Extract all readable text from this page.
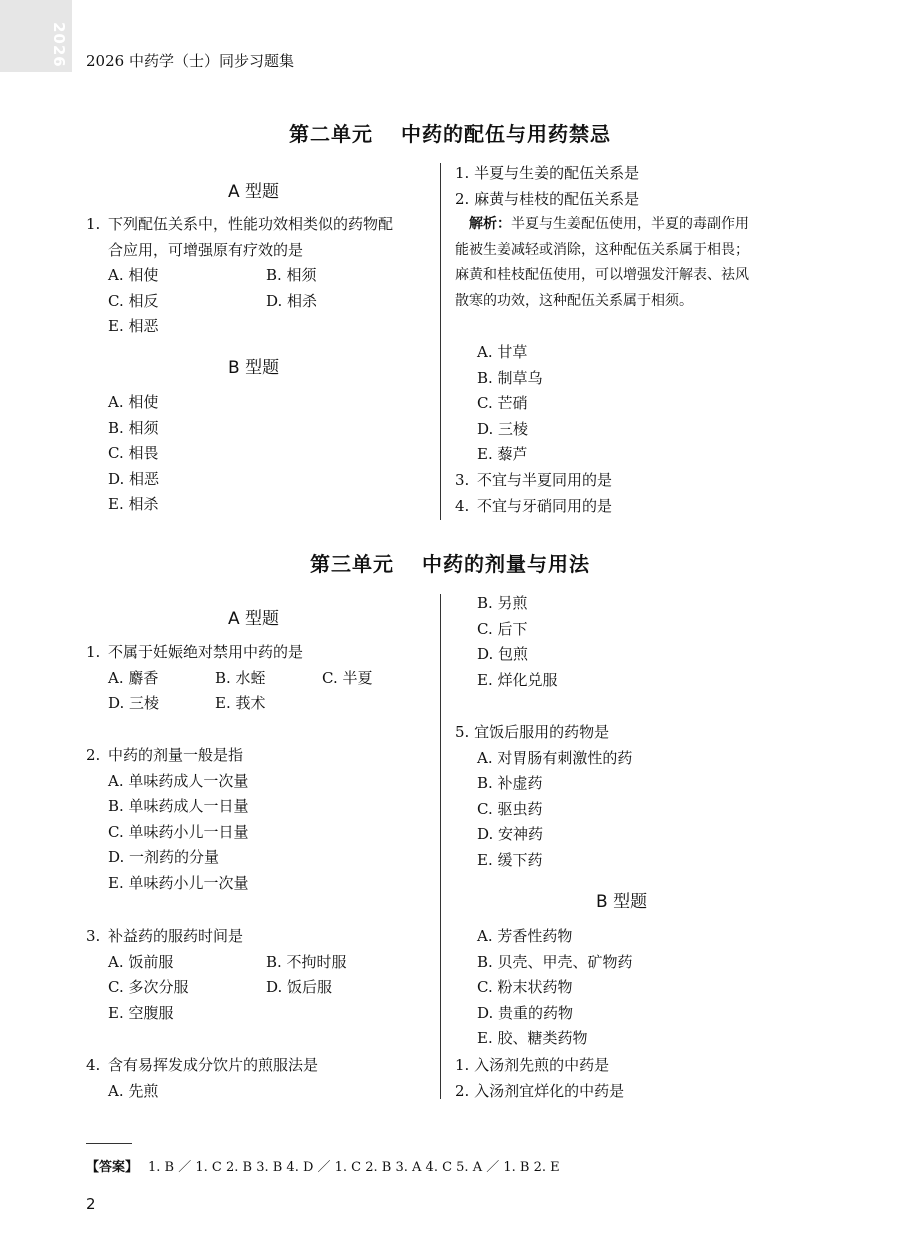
2026 2026 中药学（士）同步习题集
第二单元 中药的配伍与用药禁忌
A 型题
1. 下列配伍关系中，性能功效相类似的药物配
合应用，可增强原有疗效的是
A. 相使	B. 相须
C. 相反	D. 相杀
E. 相恶
B 型题
A. 相使
B. 相须
C. 相畏
D. 相恶
E. 相杀
1. 半夏与生姜的配伍关系是
2. 麻黄与桂枝的配伍关系是
解析：半夏与生姜配伍使用，半夏的毒副作用
能被生姜减轻或消除，这种配伍关系属于相畏；
麻黄和桂枝配伍使用，可以增强发汗解表、祛风
散寒的功效，这种配伍关系属于相须。
A. 甘草
B. 制草乌
C. 芒硝
D. 三棱
E. 藜芦
3. 不宜与半夏同用的是
4. 不宜与牙硝同用的是
第三单元 中药的剂量与用法
A 型题
1. 不属于妊娠绝对禁用中药的是
A. 麝香	B. 水蛭	C. 半夏
D. 三棱	E. 莪术
2. 中药的剂量一般是指
A. 单味药成人一次量
B. 单味药成人一日量
C. 单味药小儿一日量
D. 一剂药的分量
E. 单味药小儿一次量
3. 补益药的服药时间是
A. 饭前服	B. 不拘时服
C. 多次分服	D. 饭后服
E. 空腹服
4. 含有易挥发成分饮片的煎服法是
A. 先煎
B. 另煎
C. 后下
D. 包煎
E. 烊化兑服
5. 宜饭后服用的药物是
A. 对胃肠有刺激性的药
B. 补虚药
C. 驱虫药
D. 安神药
E. 缓下药
B 型题
A. 芳香性药物
B. 贝壳、甲壳、矿物药
C. 粉末状药物
D. 贵重的药物
E. 胶、糖类药物
1. 入汤剂先煎的中药是
2. 入汤剂宜烊化的中药是
【答案】 1. B ／ 1. C 2. B 3. B 4. D ／ 1. C 2. B 3. A 4. C 5. A ／ 1. B 2. E
2
